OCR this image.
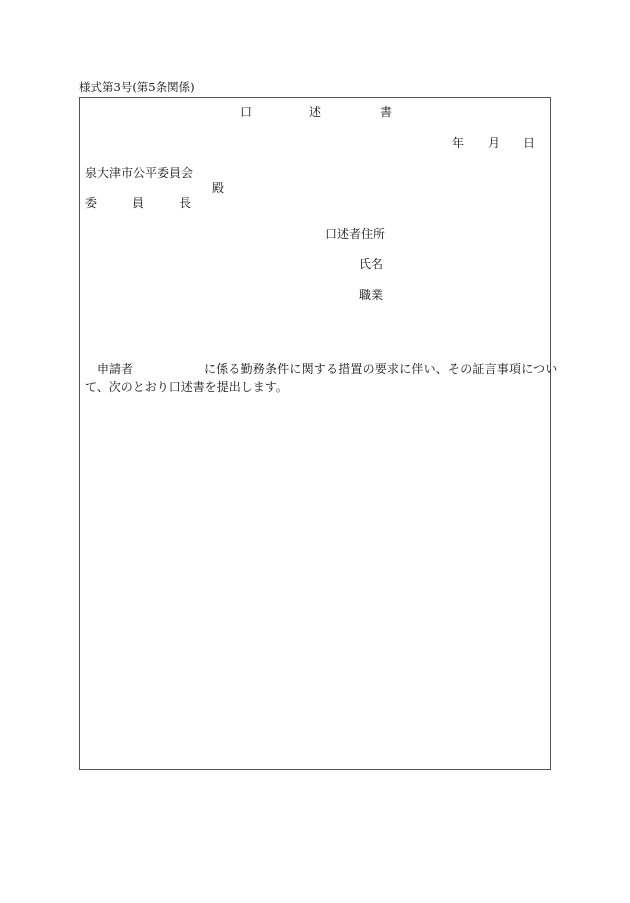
様式第3号(第5条関係)
口	述	書
年 月 日
泉大津市公平委員会
殿
委	員	長
口述者住所
氏名
職業
申請者	に係る勤務条件に関する措置の要求に伴い、その証言事項につい
て、次のとおり口述書を提出します。
